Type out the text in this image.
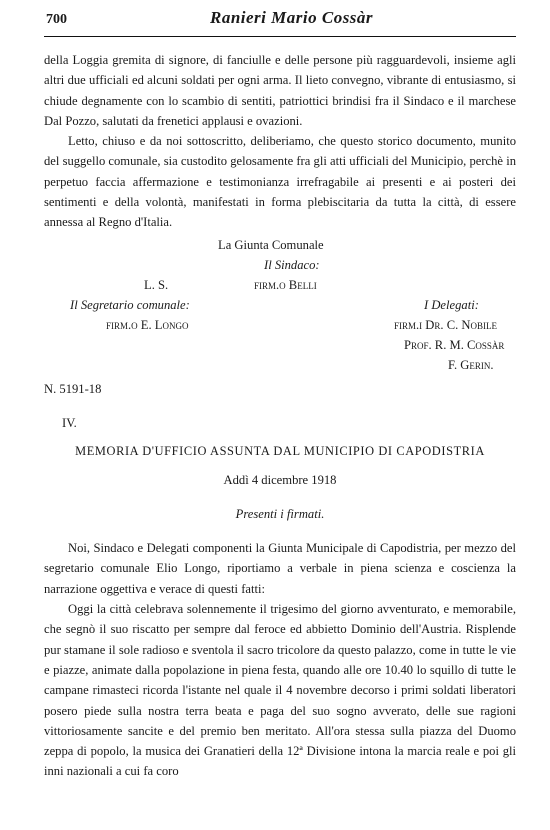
700	Ranieri Mario Cossàr

della Loggia gremita di signore, di fanciulle e delle persone più ragguardevoli, insieme agli altri due ufficiali ed alcuni soldati per ogni arma. Il lieto convegno, vibrante di entusiasmo, si chiude degnamente con lo scambio di sentiti, patriottici brindisi fra il Sindaco e il marchese Dal Pozzo, salutati da frenetici applausi e ovazioni.

Letto, chiuso e da noi sottoscritto, deliberiamo, che questo storico documento, munito del suggello comunale, sia custodito gelosamente fra gli atti ufficiali del Municipio, perchè in perpetuo faccia affermazione e testimonianza irrefragabile ai presenti e ai posteri dei sentimenti e della volontà, manifestati in forma plebiscitaria da tutta la città, di essere annessa al Regno d'Italia.

La Giunta Comunale
Il Sindaco:
L. S.	firm.o Belli
Il Segretario comunale:	I Delegati:
firm.o E. Longo	firm.i Dr. C. Nobile
Prof. R. M. Cossàr
F. Gerin.

N. 5191-18

IV.

MEMORIA D'UFFICIO ASSUNTA DAL MUNICIPIO DI CAPODISTRIA

Addì 4 dicembre 1918

Presenti i firmati.

Noi, Sindaco e Delegati componenti la Giunta Municipale di Capodistria, per mezzo del segretario comunale Elio Longo, riportiamo a verbale in piena scienza e coscienza la narrazione oggettiva e verace di questi fatti:

Oggi la città celebrava solennemente il trigesimo del giorno avventurato, e memorabile, che segnò il suo riscatto per sempre dal feroce ed abbietto Dominio dell'Austria. Risplende pur stamane il sole radioso e sventola il sacro tricolore da questo palazzo, come in tutte le vie e piazze, animate dalla popolazione in piena festa, quando alle ore 10.40 lo squillo di tutte le campane rimasteci ricorda l'istante nel quale il 4 novembre decorso i primi soldati liberatori posero piede sulla nostra terra beata e paga del suo sogno avverato, delle sue ragioni vittoriosamente sancite e del premio ben meritato. All'ora stessa sulla piazza del Duomo zeppa di popolo, la musica dei Granatieri della 12ª Divisione intona la marcia reale e poi gli inni nazionali a cui fa coro
